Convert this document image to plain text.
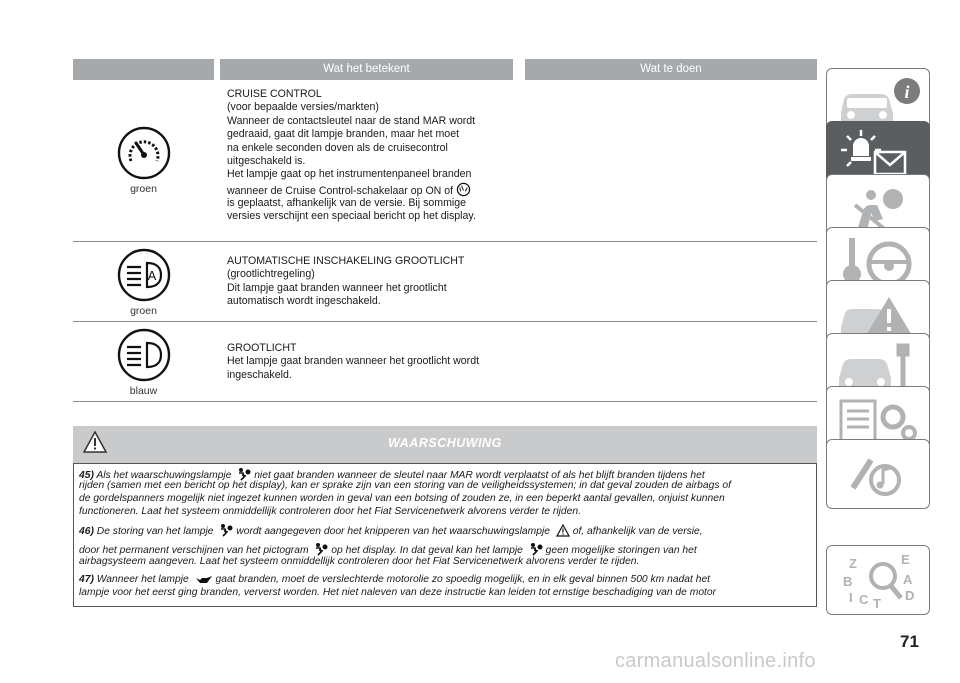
Wat het betekent	Wat te doen
groen
CRUISE CONTROL
(voor bepaalde versies/markten)
Wanneer de contactsleutel naar de stand MAR wordt
gedraaid, gaat dit lampje branden, maar het moet
na enkele seconden doven als de cruisecontrol
uitgeschakeld is.
Het lampje gaat op het instrumentenpaneel branden
wanneer de Cruise Control-schakelaar op ON of
is geplaatst, afhankelijk van de versie. Bij sommige
versies verschijnt een speciaal bericht op het display.
A
groen
AUTOMATISCHE INSCHAKELING GROOTLICHT
(grootlichtregeling)
Dit lampje gaat branden wanneer het grootlicht
automatisch wordt ingeschakeld.
blauw
GROOTLICHT
Het lampje gaat branden wanneer het grootlicht wordt
ingeschakeld.
WAARSCHUWING
45) Als het waarschuwingslampje niet gaat branden wanneer de sleutel naar MAR wordt verplaatst of als het blijft branden tijdens het
rijden (samen met een bericht op het display), kan er sprake zijn van een storing van de veiligheidssystemen; in dat geval zouden de airbags of
de gordelspanners mogelijk niet ingezet kunnen worden in geval van een botsing of zouden ze, in een beperkt aantal gevallen, onjuist kunnen
functioneren. Laat het systeem onmiddellijk controleren door het Fiat Servicenetwerk alvorens verder te rijden.
46) De storing van het lampje wordt aangegeven door het knipperen van het waarschuwingslampje of, afhankelijk van de versie,
door het permanent verschijnen van het pictogram op het display. In dat geval kan het lampje geen mogelijke storingen van het
airbagsysteem aangeven. Laat het systeem onmiddellijk controleren door het Fiat Servicenetwerk alvorens verder te rijden.
47) Wanneer het lampje	gaat branden, moet de verslechterde motorolie zo spoedig mogelijk, en in elk geval binnen 500 km nadat het
lampje voor het eerst ging branden, ververst worden. Het niet naleven van deze instructie kan leiden tot ernstige beschadiging van de motor
i
Z	E
B	A
I C T
D
71
carmanualsonline.info
